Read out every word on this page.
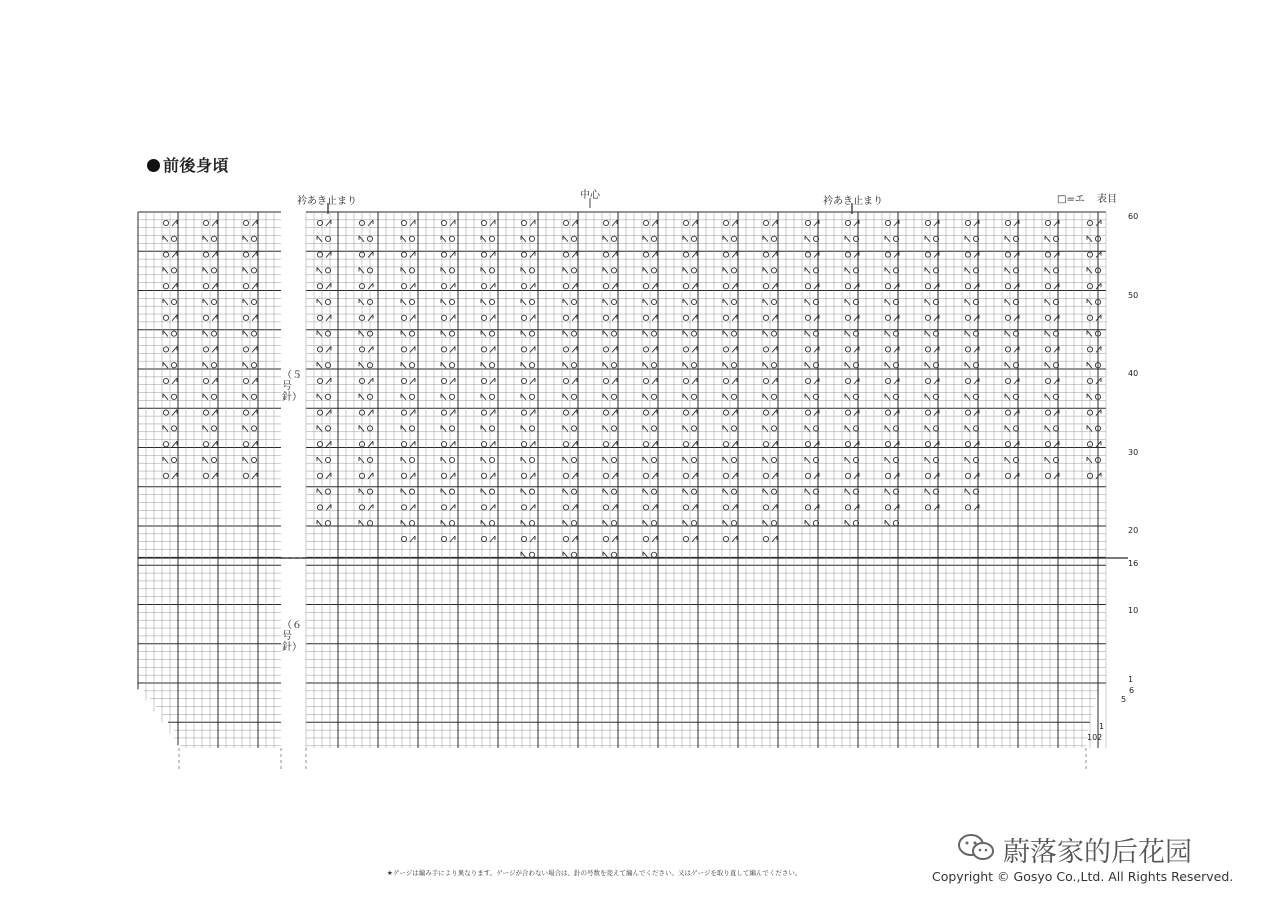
前後身頃
衿あき止まり
中心
衿あき止まり	□=エ 表目
（５号針）
（６号針）
60
50
40
30
20
16
10
1
6
5
1
102
★ゲージは編み手により異なります。ゲージが合わない場合は、針の号数を変えて編んでください。又はゲージを取り直して編んでください。
蔚落家的后花园
Copyright © Gosyo Co.,Ltd. All Rights Reserved.
